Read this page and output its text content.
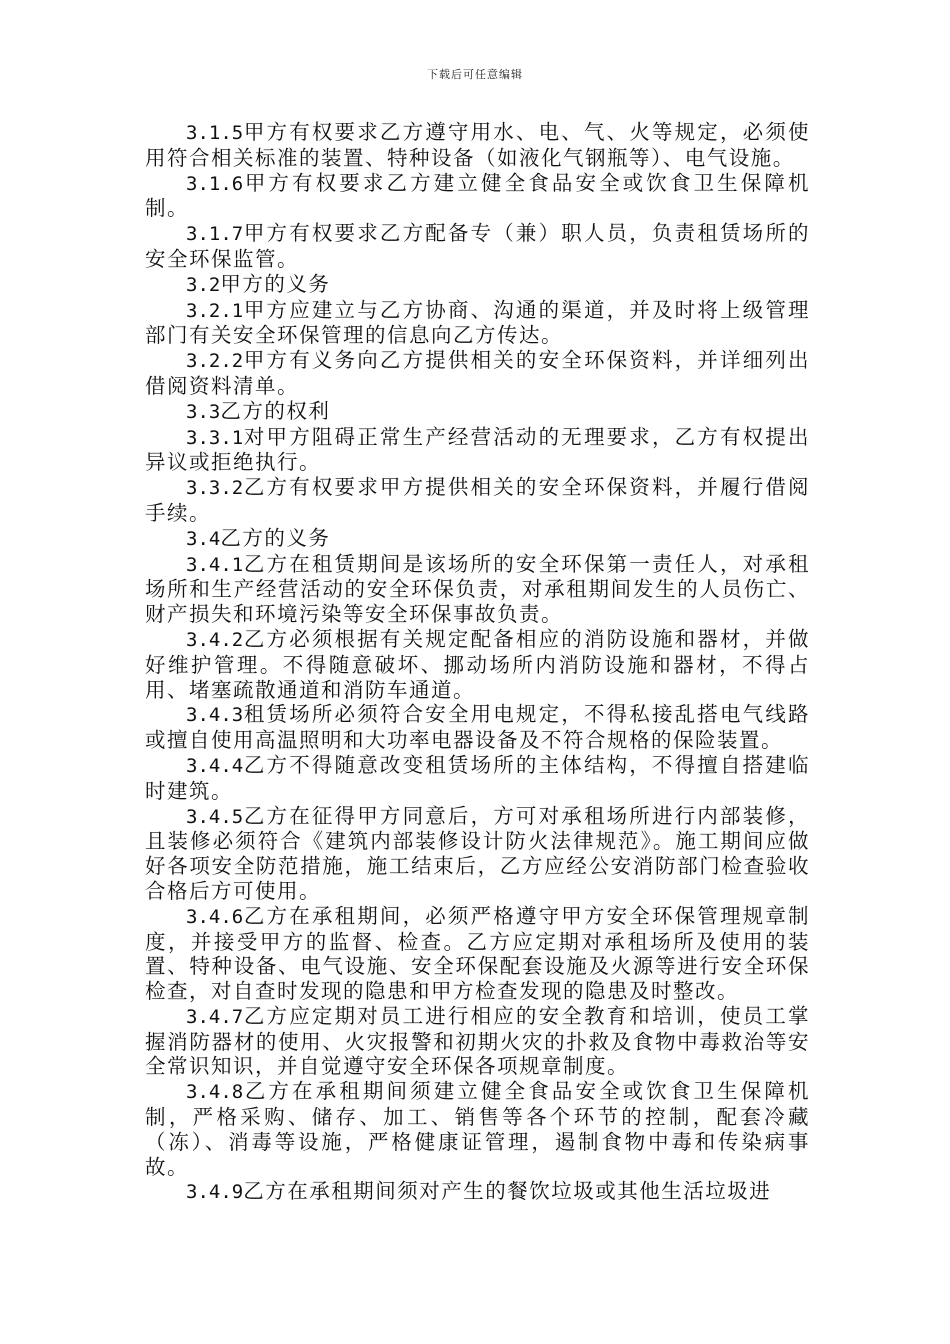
下载后可任意编辑

3.1.5甲方有权要求乙方遵守用水、电、气、火等规定，必须使用符合相关标准的装置、特种设备（如液化气钢瓶等）、电气设施。

3.1.6甲方有权要求乙方建立健全食品安全或饮食卫生保障机制。

3.1.7甲方有权要求乙方配备专（兼）职人员，负责租赁场所的安全环保监管。

3.2甲方的义务

3.2.1甲方应建立与乙方协商、沟通的渠道，并及时将上级管理部门有关安全环保管理的信息向乙方传达。

3.2.2甲方有义务向乙方提供相关的安全环保资料，并详细列出借阅资料清单。

3.3乙方的权利

3.3.1对甲方阻碍正常生产经营活动的无理要求，乙方有权提出异议或拒绝执行。

3.3.2乙方有权要求甲方提供相关的安全环保资料，并履行借阅手续。

3.4乙方的义务

3.4.1乙方在租赁期间是该场所的安全环保第一责任人，对承租场所和生产经营活动的安全环保负责，对承租期间发生的人员伤亡、财产损失和环境污染等安全环保事故负责。

3.4.2乙方必须根据有关规定配备相应的消防设施和器材，并做好维护管理。不得随意破坏、挪动场所内消防设施和器材，不得占用、堵塞疏散通道和消防车通道。

3.4.3租赁场所必须符合安全用电规定，不得私接乱搭电气线路或擅自使用高温照明和大功率电器设备及不符合规格的保险装置。

3.4.4乙方不得随意改变租赁场所的主体结构，不得擅自搭建临时建筑。

3.4.5乙方在征得甲方同意后，方可对承租场所进行内部装修，且装修必须符合《建筑内部装修设计防火法律规范》。施工期间应做好各项安全防范措施，施工结束后，乙方应经公安消防部门检查验收合格后方可使用。

3.4.6乙方在承租期间，必须严格遵守甲方安全环保管理规章制度，并接受甲方的监督、检查。乙方应定期对承租场所及使用的装置、特种设备、电气设施、安全环保配套设施及火源等进行安全环保检查，对自查时发现的隐患和甲方检查发现的隐患及时整改。

3.4.7乙方应定期对员工进行相应的安全教育和培训，使员工掌握消防器材的使用、火灾报警和初期火灾的扑救及食物中毒救治等安全常识知识，并自觉遵守安全环保各项规章制度。

3.4.8乙方在承租期间须建立健全食品安全或饮食卫生保障机制，严格采购、储存、加工、销售等各个环节的控制，配套冷藏（冻）、消毒等设施，严格健康证管理，遏制食物中毒和传染病事故。

3.4.9乙方在承租期间须对产生的餐饮垃圾或其他生活垃圾进
